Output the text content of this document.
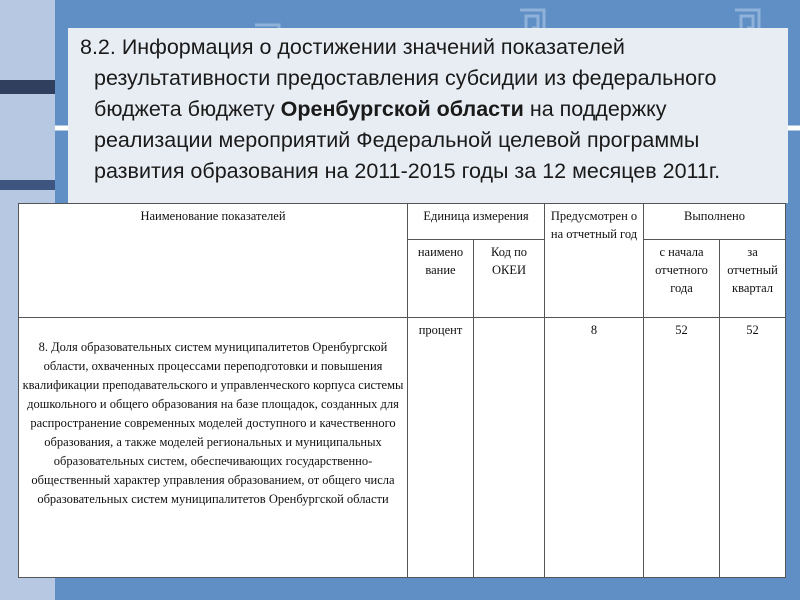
8.2. Информация о достижении значений показателей
результативности предоставления субсидии из федерального
бюджета бюджету Оренбургской области на поддержку
реализации мероприятий Федеральной целевой программы
развития образования на 2011-2015 годы за 12 месяцев 2011г.
Наименование показателей	Единица измерения		Предусмотрен о на отчетный год	Выполнено	
	наимено вание	Код по ОКЕИ		с начала отчетного года	за отчетный квартал
8. Доля образовательных систем муниципалитетов Оренбургской области, охваченных процессами переподготовки и повышения квалификации преподавательского и управленческого корпуса системы дошкольного и общего образования на базе площадок, созданных для распространение современных моделей доступного и качественного образования, а также моделей региональных и муниципальных образовательных систем, обеспечивающих государственно-общественный характер управления образованием, от общего числа образовательных систем муниципалитетов Оренбургской области	процент		8	52	52
